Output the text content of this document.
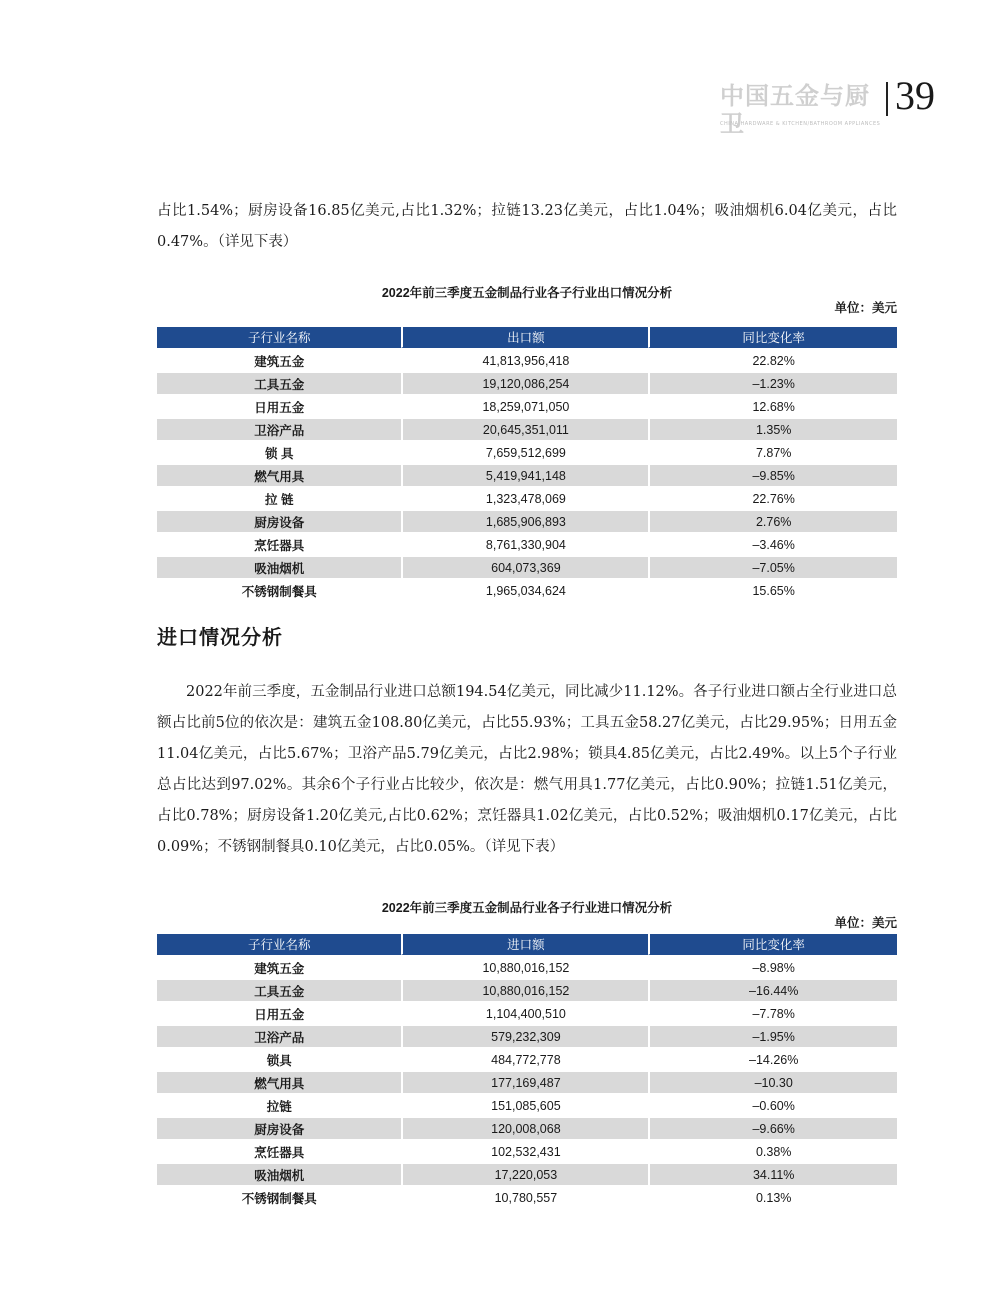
中国五金与厨卫
CHINA HARDWARE & KITCHEN/BATHROOM APPLIANCES
39

占比1.54%；厨房设备16.85亿美元,占比1.32%；拉链13.23亿美元，占比1.04%；吸油烟机6.04亿美元，占比0.47%。（详见下表）

2022年前三季度五金制品行业各子行业出口情况分析
单位：美元
子行业名称	出口额	同比变化率
建筑五金	41,813,956,418	22.82%
工具五金	19,120,086,254	–1.23%
日用五金	18,259,071,050	12.68%
卫浴产品	20,645,351,011	1.35%
锁 具	7,659,512,699	7.87%
燃气用具	5,419,941,148	–9.85%
拉 链	1,323,478,069	22.76%
厨房设备	1,685,906,893	2.76%
烹饪器具	8,761,330,904	–3.46%
吸油烟机	604,073,369	–7.05%
不锈钢制餐具	1,965,034,624	15.65%
进口情况分析

2022年前三季度，五金制品行业进口总额194.54亿美元，同比减少11.12%。各子行业进口额占全行业进口总额占比前5位的依次是：建筑五金108.80亿美元，占比55.93%；工具五金58.27亿美元，占比29.95%；日用五金11.04亿美元，占比5.67%；卫浴产品5.79亿美元，占比2.98%；锁具4.85亿美元，占比2.49%。以上5个子行业总占比达到97.02%。其余6个子行业占比较少，依次是：燃气用具1.77亿美元，占比0.90%；拉链1.51亿美元，占比0.78%；厨房设备1.20亿美元,占比0.62%；烹饪器具1.02亿美元，占比0.52%；吸油烟机0.17亿美元，占比0.09%；不锈钢制餐具0.10亿美元，占比0.05%。（详见下表）

2022年前三季度五金制品行业各子行业进口情况分析
单位：美元
子行业名称	进口额	同比变化率
建筑五金	10,880,016,152	–8.98%
工具五金	10,880,016,152	–16.44%
日用五金	1,104,400,510	–7.78%
卫浴产品	579,232,309	–1.95%
锁具	484,772,778	–14.26%
燃气用具	177,169,487	–10.30
拉链	151,085,605	–0.60%
厨房设备	120,008,068	–9.66%
烹饪器具	102,532,431	0.38%
吸油烟机	17,220,053	34.11%
不锈钢制餐具	10,780,557	0.13%
